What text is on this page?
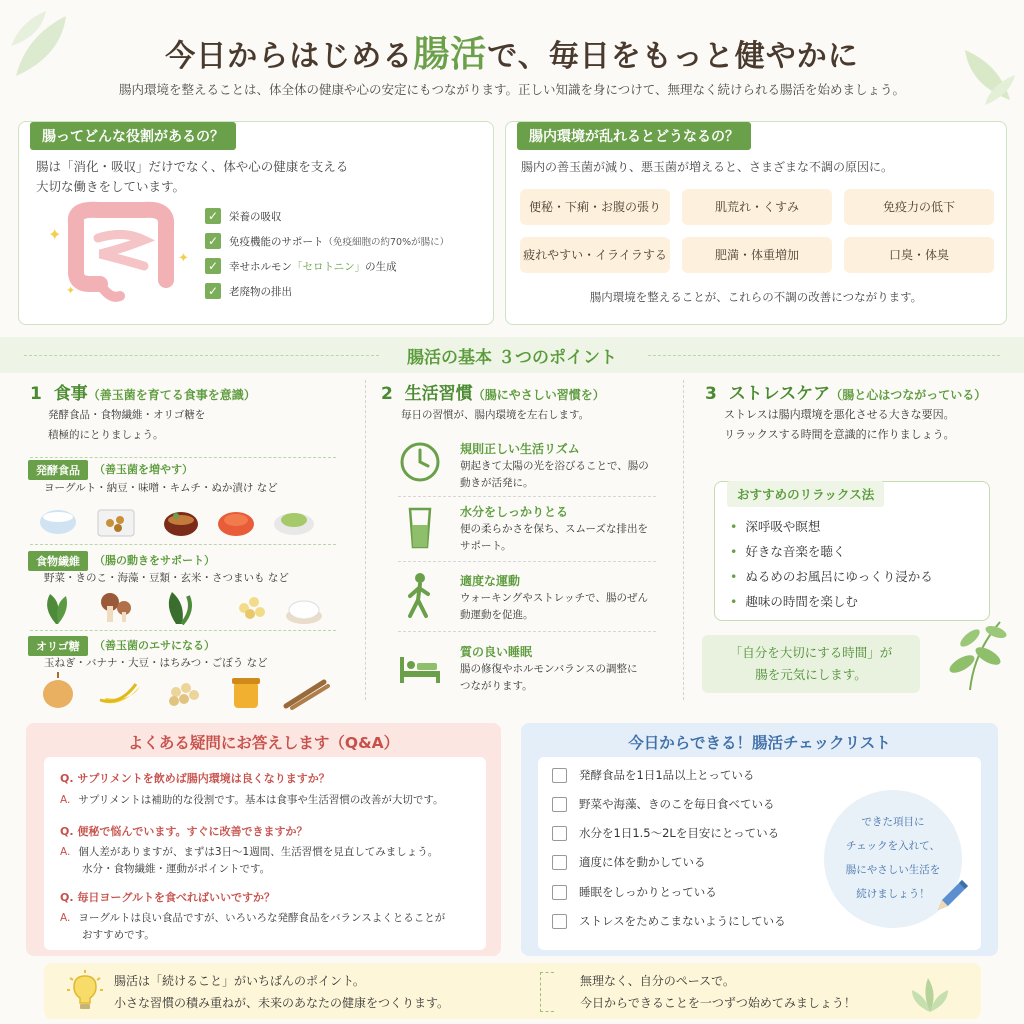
今日からはじめる腸活で、毎日をもっと健やかに
腸内環境を整えることは、体全体の健康や心の安定にもつながります。正しい知識を身につけて、無理なく続けられる腸活を始めましょう。
腸ってどんな役割があるの？
腸は「消化・吸収」だけでなく、体や心の健康を支える
大切な働きをしています。
✦
✦
✦
✓ 栄養の吸収
✓ 免疫機能のサポート （免疫細胞の約70%が腸に）
✓ 幸せホルモン 「セロトニン」 の生成
✓ 老廃物の排出
腸内環境が乱れるとどうなるの？
腸内の善玉菌が減り、悪玉菌が増えると、さまざまな不調の原因に。
便秘・下痢・お腹の張り	肌荒れ・くすみ	免疫力の低下
疲れやすい・イライラする	肥満・体重増加	口臭・体臭
腸内環境を整えることが、これらの不調の改善につながります。
腸活の基本 ３つのポイント
1 食事（善玉菌を育てる食事を意識）
発酵食品・食物繊維・オリゴ糖を
積極的にとりましょう。
発酵食品	（善玉菌を増やす）
ヨーグルト・納豆・味噌・キムチ・ぬか漬け など
食物繊維	（腸の動きをサポート）
野菜・きのこ・海藻・豆類・玄米・さつまいも など
オリゴ糖	（善玉菌のエサになる）
玉ねぎ・バナナ・大豆・はちみつ・ごぼう など
2 生活習慣（腸にやさしい習慣を）
毎日の習慣が、腸内環境を左右します。
規則正しい生活リズム
朝起きて太陽の光を浴びることで、腸の
動きが活発に。
水分をしっかりとる
便の柔らかさを保ち、スムーズな排出を
サポート。
適度な運動
ウォーキングやストレッチで、腸のぜん
動運動を促進。
質の良い睡眠
腸の修復やホルモンバランスの調整に
つながります。
3 ストレスケア（腸と心はつながっている）
ストレスは腸内環境を悪化させる大きな要因。
リラックスする時間を意識的に作りましょう。
おすすめのリラックス法
• 深呼吸や瞑想
• 好きな音楽を聴く
• ぬるめのお風呂にゆっくり浸かる
• 趣味の時間を楽しむ
「自分を大切にする時間」が
腸を元気にします。
よくある疑問にお答えします（Q&A）
Q. サプリメントを飲めば腸内環境は良くなりますか？
A. サプリメントは補助的な役割です。基本は食事や生活習慣の改善が大切です。
Q. 便秘で悩んでいます。すぐに改善できますか？
A. 個人差がありますが、まずは3日〜1週間、生活習慣を見直してみましょう。
水分・食物繊維・運動がポイントです。
Q. 毎日ヨーグルトを食べればいいですか？
A. ヨーグルトは良い食品ですが、いろいろな発酵食品をバランスよくとることが
おすすめです。
今日からできる！腸活チェックリスト
発酵食品を1日1品以上とっている
野菜や海藻、きのこを毎日食べている
水分を1日1.5〜2Lを目安にとっている
適度に体を動かしている
睡眠をしっかりとっている
ストレスをためこまないようにしている
できた項目に
チェックを入れて、
腸にやさしい生活を
続けましょう！
腸活は「続けること」がいちばんのポイント。
小さな習慣の積み重ねが、未来のあなたの健康をつくります。
無理なく、自分のペースで。
今日からできることを一つずつ始めてみましょう！
